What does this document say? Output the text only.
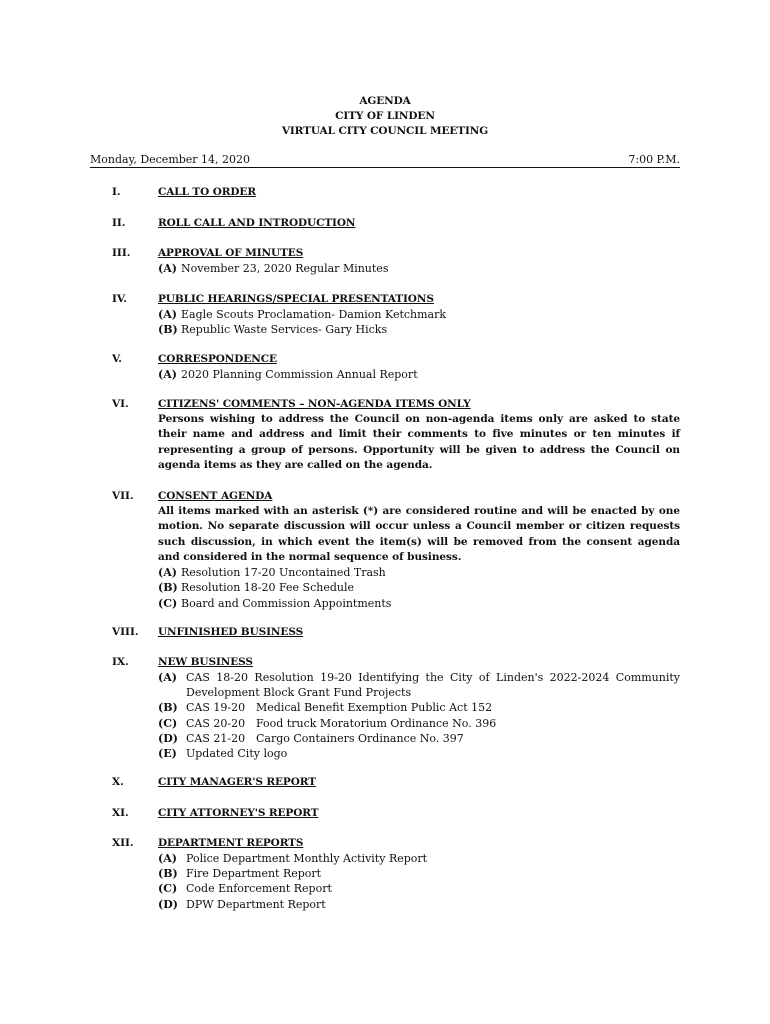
AGENDA
CITY OF LINDEN
VIRTUAL CITY COUNCIL MEETING
Monday, December 14, 2020	7:00 P.M.
I.	CALL TO ORDER
II.	ROLL CALL AND INTRODUCTION
III.	APPROVAL OF MINUTES
(A) November 23, 2020 Regular Minutes
IV.	PUBLIC HEARINGS/SPECIAL PRESENTATIONS
(A) Eagle Scouts Proclamation- Damion Ketchmark
(B) Republic Waste Services- Gary Hicks
V.	CORRESPONDENCE
(A) 2020 Planning Commission Annual Report
VI.	CITIZENS' COMMENTS – NON-AGENDA ITEMS ONLY
Persons wishing to address the Council on non-agenda items only are asked to state their name and address and limit their comments to five minutes or ten minutes if representing a group of persons. Opportunity will be given to address the Council on agenda items as they are called on the agenda.
VII. CONSENT AGENDA
All items marked with an asterisk (*) are considered routine and will be enacted by one motion. No separate discussion will occur unless a Council member or citizen requests such discussion, in which event the item(s) will be removed from the consent agenda and considered in the normal sequence of business.
(A) Resolution 17-20 Uncontained Trash
(B) Resolution 18-20 Fee Schedule
(C) Board and Commission Appointments
VIII. UNFINISHED BUSINESS
IX.	NEW BUSINESS
(A) CAS 18-20 Resolution 19-20 Identifying the City of Linden's 2022-2024 Community Development Block Grant Fund Projects
(B) CAS 19-20 Medical Benefit Exemption Public Act 152
(C) CAS 20-20 Food truck Moratorium Ordinance No. 396
(D) CAS 21-20 Cargo Containers Ordinance No. 397
(E) Updated City logo
X.	CITY MANAGER'S REPORT
XI.	CITY ATTORNEY'S REPORT
XII. DEPARTMENT REPORTS
(A) Police Department Monthly Activity Report
(B) Fire Department Report
(C) Code Enforcement Report
(D) DPW Department Report
